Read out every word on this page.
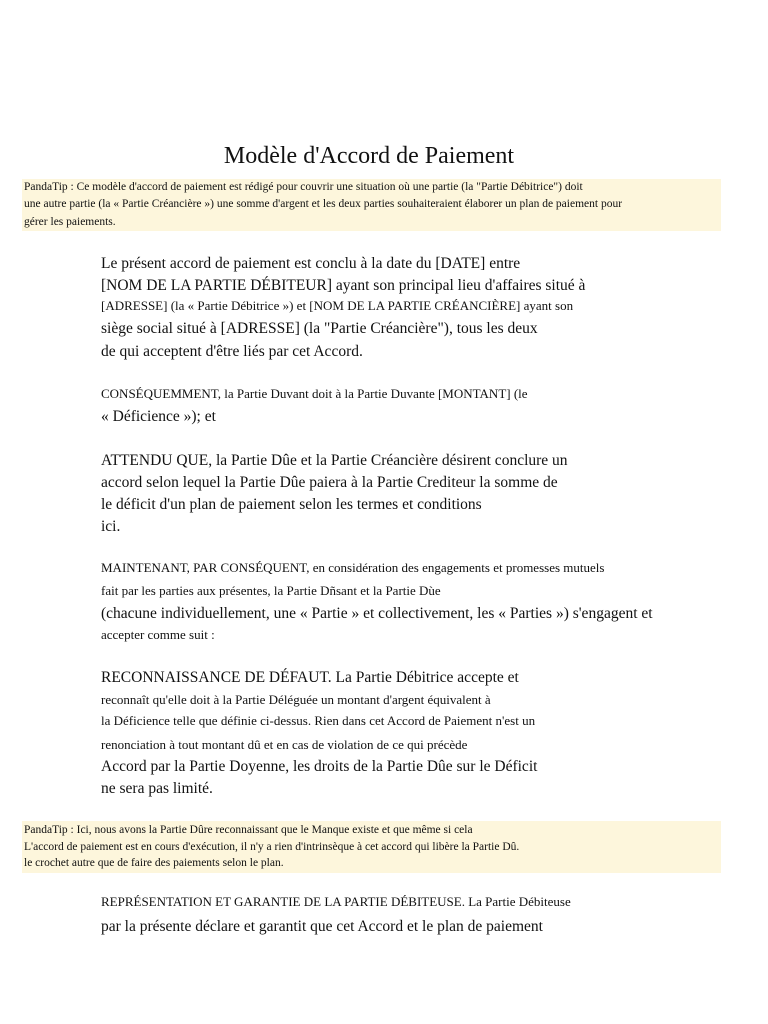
Modèle d'Accord de Paiement
PandaTip : Ce modèle d'accord de paiement est rédigé pour couvrir une situation où une partie (la "Partie Débitrice") doit
une autre partie (la « Partie Créancière ») une somme d'argent et les deux parties souhaiteraient élaborer un plan de paiement pour
gérer les paiements.
Le présent accord de paiement est conclu à la date du [DATE] entre
[NOM DE LA PARTIE DÉBITEUR] ayant son principal lieu d'affaires situé à
[ADRESSE] (la « Partie Débitrice ») et [NOM DE LA PARTIE CRÉANCIÈRE] ayant son
siège social situé à [ADRESSE] (la "Partie Créancière"), tous les deux
de qui acceptent d'être liés par cet Accord.
CONSÉQUEMMENT, la Partie Duvant doit à la Partie Duvante [MONTANT] (le
« Déficience »); et
ATTENDU QUE, la Partie Dûe et la Partie Créancière désirent conclure un
accord selon lequel la Partie Dûe paiera à la Partie Crediteur la somme de
le déficit d'un plan de paiement selon les termes et conditions
ici.
MAINTENANT, PAR CONSÉQUENT, en considération des engagements et promesses mutuels
fait par les parties aux présentes, la Partie Dñsant et la Partie Dùe
(chacune individuellement, une « Partie » et collectivement, les « Parties ») s'engagent et
accepter comme suit :
RECONNAISSANCE DE DÉFAUT. La Partie Débitrice accepte et
reconnaît qu'elle doit à la Partie Déléguée un montant d'argent équivalent à
la Déficience telle que définie ci-dessus. Rien dans cet Accord de Paiement n'est un
renonciation à tout montant dû et en cas de violation de ce qui précède
Accord par la Partie Doyenne, les droits de la Partie Dûe sur le Déficit
ne sera pas limité.
PandaTip : Ici, nous avons la Partie Dûre reconnaissant que le Manque existe et que même si cela
L'accord de paiement est en cours d'exécution, il n'y a rien d'intrinsèque à cet accord qui libère la Partie Dû.
le crochet autre que de faire des paiements selon le plan.
REPRÉSENTATION ET GARANTIE DE LA PARTIE DÉBITEUSE. La Partie Débiteuse
par la présente déclare et garantit que cet Accord et le plan de paiement
